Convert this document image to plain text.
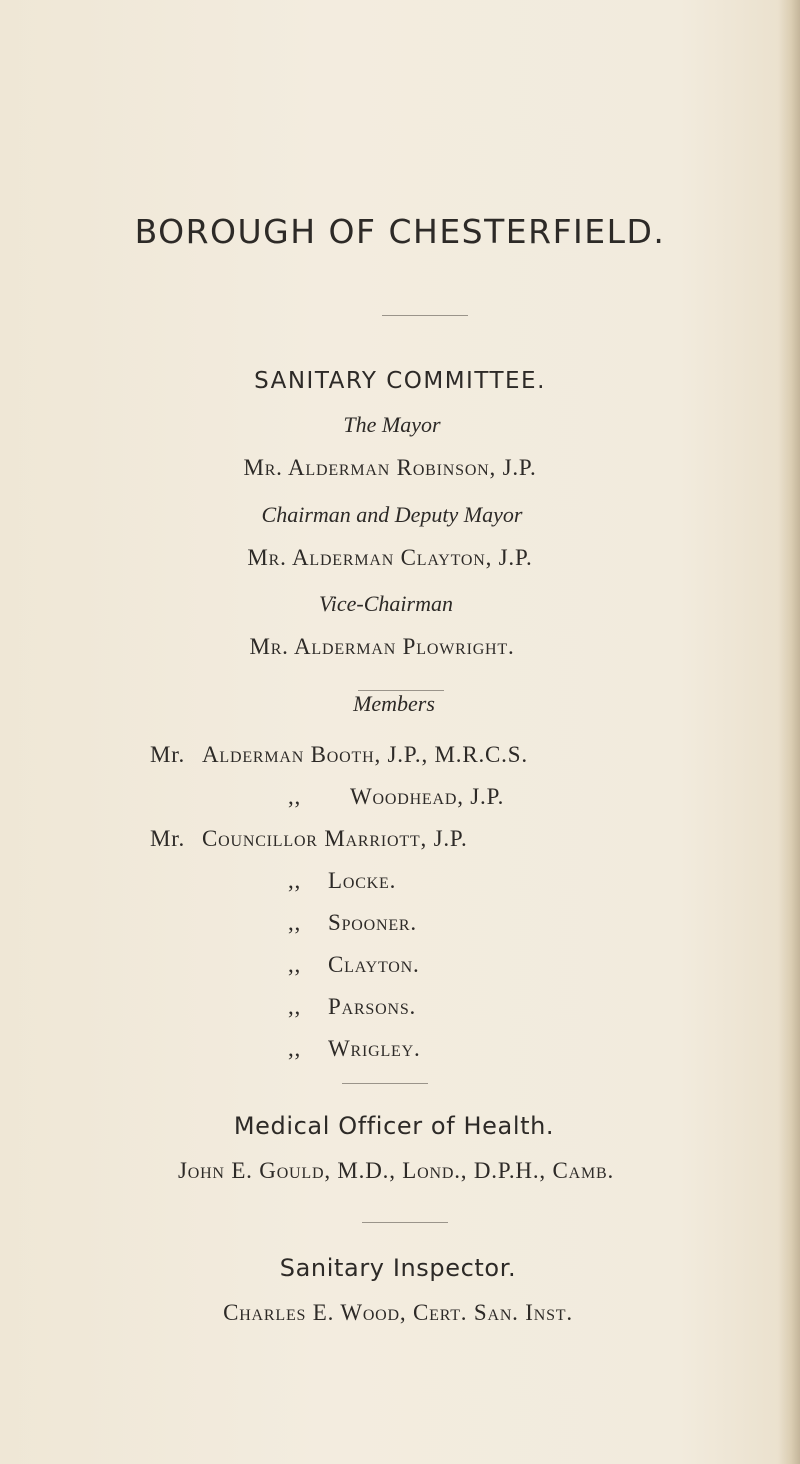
BOROUGH OF CHESTERFIELD.
SANITARY COMMITTEE.
The Mayor
Mr. Alderman Robinson, J.P.
Chairman and Deputy Mayor
Mr. Alderman Clayton, J.P.
Vice-Chairman
Mr. Alderman Plowright.
Members
Mr. Alderman Booth, J.P., M.R.C.S.
,, Woodhead, J.P.
Mr. Councillor Marriott, J.P.
,, Locke.
,, Spooner.
,, Clayton.
,, Parsons.
,, Wrigley.
Medical Officer of Health.
John E. Gould, M.D., Lond., D.P.H., Camb.
Sanitary Inspector.
Charles E. Wood, Cert. San. Inst.
